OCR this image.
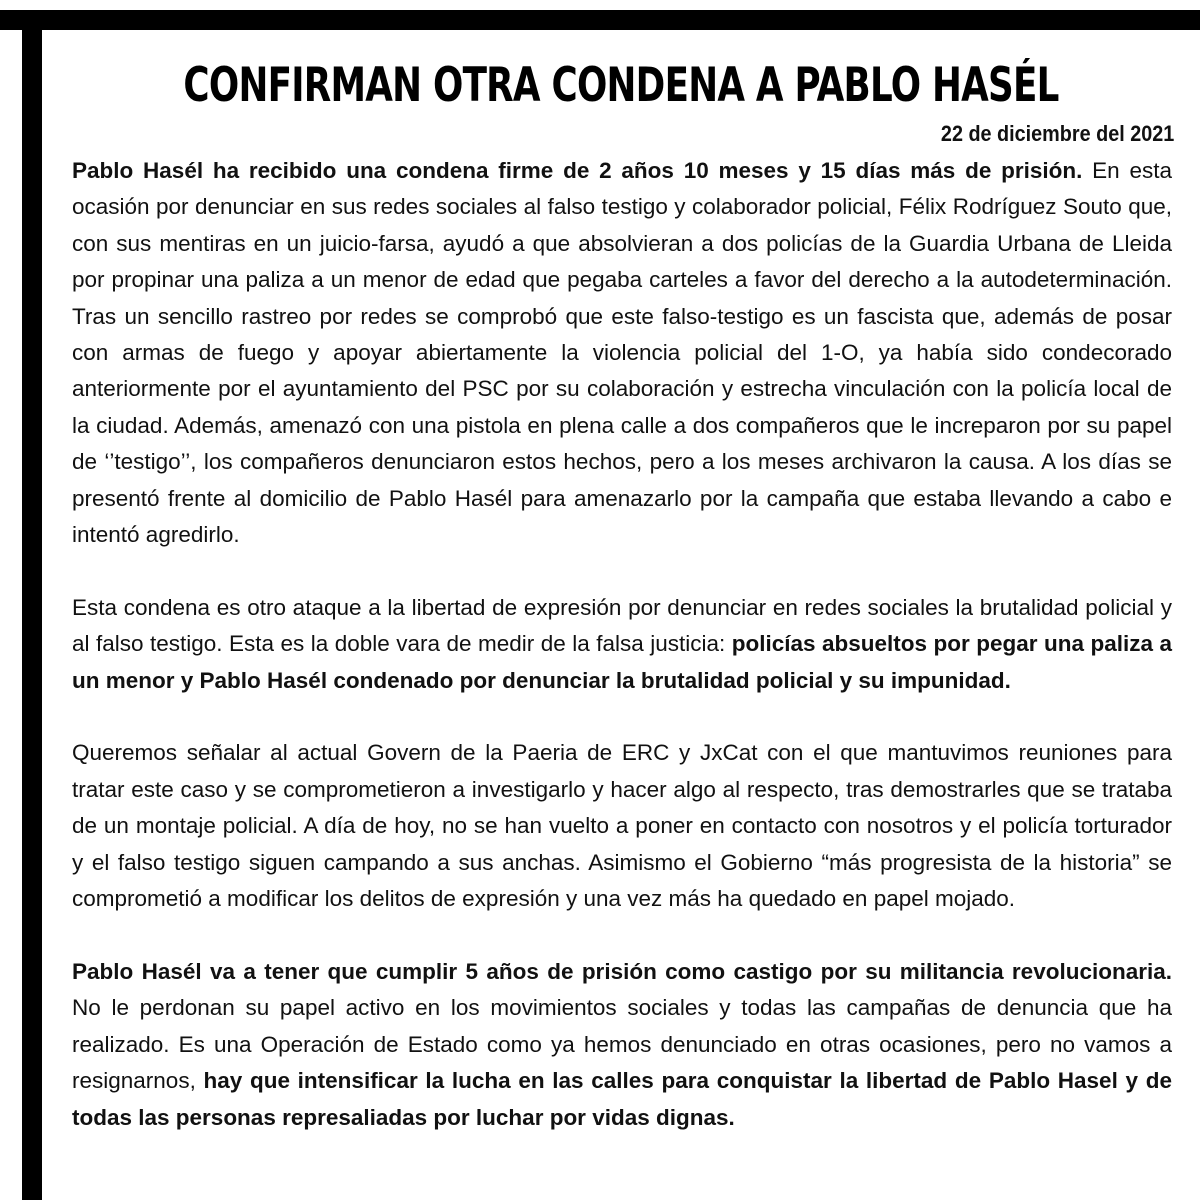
CONFIRMAN OTRA CONDENA A PABLO HASÉL
22 de diciembre del 2021

Pablo Hasél ha recibido una condena firme de 2 años 10 meses y 15 días más de prisión. En esta ocasión por denunciar en sus redes sociales al falso testigo y colaborador policial, Félix Rodríguez Souto que, con sus mentiras en un juicio-farsa, ayudó a que absolvieran a dos policías de la Guardia Urbana de Lleida por propinar una paliza a un menor de edad que pegaba carteles a favor del derecho a la autodeterminación. Tras un sencillo rastreo por redes se comprobó que este falso-testigo es un fascista que, además de posar con armas de fuego y apoyar abiertamente la violencia policial del 1-O, ya había sido condecorado anteriormente por el ayuntamiento del PSC por su colaboración y estrecha vinculación con la policía local de la ciudad. Además, amenazó con una pistola en plena calle a dos compañeros que le increparon por su papel de ‘’testigo’’, los compañeros denunciaron estos hechos, pero a los meses archivaron la causa. A los días se presentó frente al domicilio de Pablo Hasél para amenazarlo por la campaña que estaba llevando a cabo e intentó agredirlo.

Esta condena es otro ataque a la libertad de expresión por denunciar en redes sociales la brutalidad policial y al falso testigo. Esta es la doble vara de medir de la falsa justicia: policías absueltos por pegar una paliza a un menor y Pablo Hasél condenado por denunciar la brutalidad policial y su impunidad.

Queremos señalar al actual Govern de la Paeria de ERC y JxCat con el que mantuvimos reuniones para tratar este caso y se comprometieron a investigarlo y hacer algo al respecto, tras demostrarles que se trataba de un montaje policial. A día de hoy, no se han vuelto a poner en contacto con nosotros y el policía torturador y el falso testigo siguen campando a sus anchas. Asimismo el Gobierno “más progresista de la historia” se comprometió a modificar los delitos de expresión y una vez más ha quedado en papel mojado.

Pablo Hasél va a tener que cumplir 5 años de prisión como castigo por su militancia revolucionaria. No le perdonan su papel activo en los movimientos sociales y todas las campañas de denuncia que ha realizado. Es una Operación de Estado como ya hemos denunciado en otras ocasiones, pero no vamos a resignarnos, hay que intensificar la lucha en las calles para conquistar la libertad de Pablo Hasel y de todas las personas represaliadas por luchar por vidas dignas.
